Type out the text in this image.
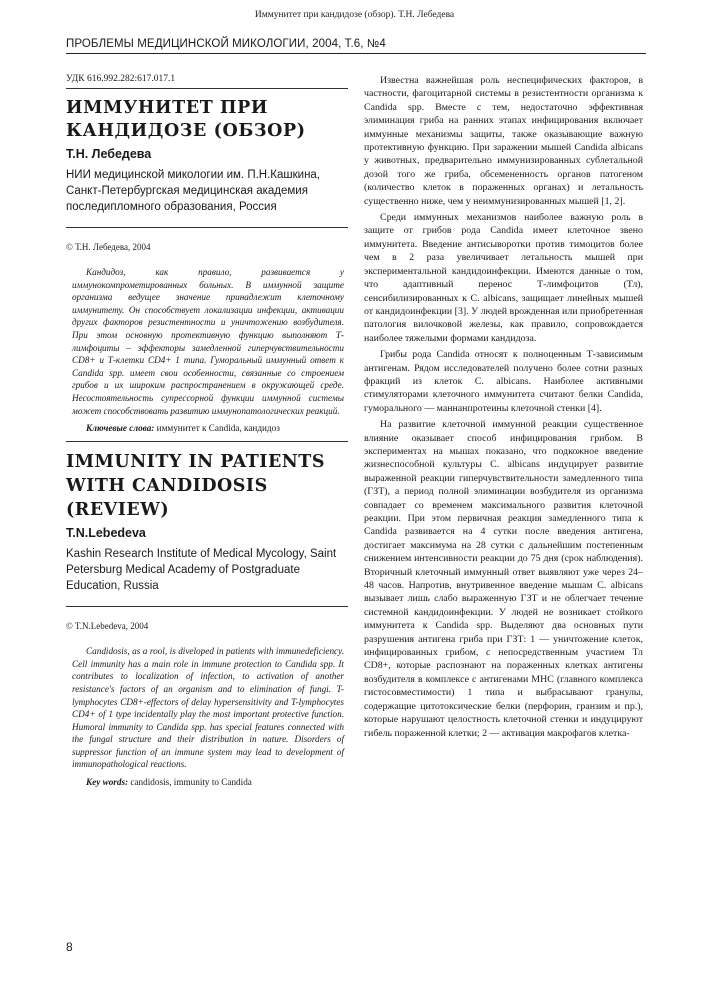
Иммунитет при кандидозе (обзор). Т.Н. Лебедева
ПРОБЛЕМЫ МЕДИЦИНСКОЙ МИКОЛОГИИ, 2004, Т.6, №4
УДК 616.992.282:617.017.1
ИММУНИТЕТ ПРИ
КАНДИДОЗЕ (ОБЗОР)
Т.Н. Лебедева
НИИ медицинской микологии им. П.Н.Кашкина, Санкт-Петербургская медицинская академия последипломного образования, Россия
© Т.Н. Лебедева, 2004
Кандидоз, как правило, развивается у иммунокомпрометированных больных. В иммунной защите организма ведущее значение принадлежит клеточному иммунитету. Он способствует локализации инфекции, активации других факторов резистентности и уничтожению возбудителя. При этом основную протективную функцию выполняют Т-лимфоциты – эффекторы замедленной гиперчувствительности CD8+ и Т-клетки CD4+ 1 типа. Гуморальный иммунный ответ к Candida spp. имеет свои особенности, связанные со строением грибов и их широким распространением в окружающей среде. Несостоятельность супрессорной функции иммунной системы может способствовать развитию иммунопатологических реакций.
Ключевые слова: иммунитет к Candida, кандидоз
IMMUNITY IN PATIENTS
WITH CANDIDOSIS
(REVIEW)
T.N.Lebedeva
Kashin Research Institute of Medical Mycology, Saint Petersburg Medical Academy of Postgraduate Education, Russia
© T.N.Lebedeva, 2004
Candidosis, as a rool, is diveloped in patients with immunedeficiency. Cell immunity has a main role in immune protection to Candida spp. It contributes to localization of infection, to activation of another resistance's factors of an organism and to elimination of fungi. T-lymphocytes CD8+-effectors of delay hypersensitivity and T-lymphocytes CD4+ of 1 type incidentally play the most important protective function. Humoral immunity to Candida spp. has special features connected with the fungal structure and their distribution in nature. Disorders of suppressor function of an immune system may lead to development of immunopathological reactions.
Key words: candidosis, immunity to Candida

Известна важнейшая роль неспецифических факторов, в частности, фагоцитарной системы в резистентности организма к Candida spp. Вместе с тем, недостаточно эффективная элиминация гриба на ранних этапах инфицирования включает иммунные механизмы защиты, также оказывающие важную протективную функцию. При заражении мышей Candida albicans у животных, предварительно иммунизированных сублетальной дозой того же гриба, обсемененность органов патогеном (количество клеток в пораженных органах) и летальность существенно ниже, чем у неиммунизированных мышей [1, 2].

Среди иммунных механизмов наиболее важную роль в защите от грибов рода Candida имеет клеточное звено иммунитета. Введение антисыворотки против тимоцитов более чем в 2 раза увеличивает летальность мышей при экспериментальной кандидоинфекции. Имеются данные о том, что адаптивный перенос Т-лимфоцитов (Тл), сенсибилизированных к C. albicans, защищает линейных мышей от кандидоинфекции [3]. У людей врожденная или приобретенная патология вилочковой железы, как правило, сопровождается наиболее тяжелыми формами кандидоза.

Грибы рода Candida относят к полноценным Т-зависимым антигенам. Рядом исследователей получено более сотни разных фракций из клеток C. albicans. Наиболее активными стимуляторами клеточного иммунитета считают белки Candida, гуморального — маннанпротеины клеточной стенки [4].

На развитие клеточной иммунной реакции существенное влияние оказывает способ инфицирования грибом. В экспериментах на мышах показано, что подкожное введение жизнеспособной культуры C. albicans индуцирует развитие выраженной реакции гиперчувствительности замедленного типа (ГЗТ), а период полной элиминации возбудителя из организма совпадает со временем максимального развития клеточной реакции. При этом первичная реакция замедленного типа к Candida развивается на 4 сутки после введения антигена, достигает максимума на 28 сутки с дальнейшим постепенным снижением интенсивности реакции до 75 дня (срок наблюдения). Вторичный клеточный иммунный ответ выявляют уже через 24–48 часов. Напротив, внутривенное введение мышам C. albicans вызывает лишь слабо выраженную ГЗТ и не облегчает течение системной кандидоинфекции. У людей не возникает стойкого иммунитета к Candida spp. Выделяют два основных пути разрушения антигена гриба при ГЗТ: 1 — уничтожение клеток, инфицированных грибом, с непосредственным участием Тл CD8+, которые распознают на пораженных клетках антигены возбудителя в комплексе с антигенами МНС (главного комплекса гистосовместимости) 1 типа и выбрасывают гранулы, содержащие цитотоксические белки (перфорин, гранзим и пр.), которые нарушают целостность клеточной стенки и индуцируют гибель пораженной клетки; 2 — активация макрофагов клетка-

8
